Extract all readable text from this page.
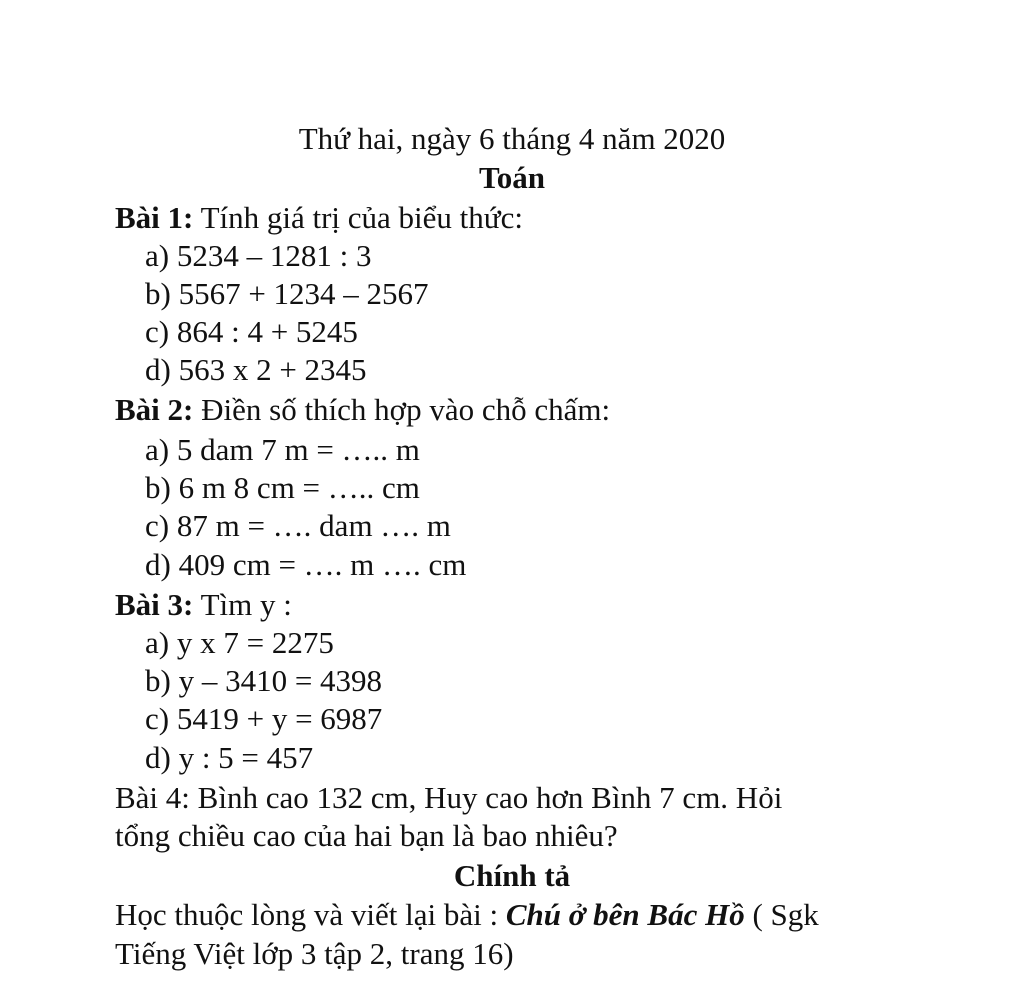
Thứ hai, ngày 6 tháng 4 năm 2020
Toán
Bài 1: Tính giá trị của biểu thức:
a) 5234 – 1281 : 3
b) 5567 + 1234 – 2567
c) 864 : 4 + 5245
d) 563 x 2 + 2345
Bài 2: Điền số thích hợp vào chỗ chấm:
a) 5 dam 7 m = ….. m
b) 6 m 8 cm = ….. cm
c) 87 m = …. dam …. m
d) 409 cm = …. m …. cm
Bài 3: Tìm y :
a) y x 7 = 2275
b) y – 3410 = 4398
c) 5419 + y = 6987
d) y : 5 = 457
Bài 4: Bình cao 132 cm, Huy cao hơn Bình 7 cm. Hỏi
tổng chiều cao của hai bạn là bao nhiêu?
Chính tả
Học thuộc lòng và viết lại bài : Chú ở bên Bác Hồ ( Sgk
Tiếng Việt lớp 3 tập 2, trang 16)
